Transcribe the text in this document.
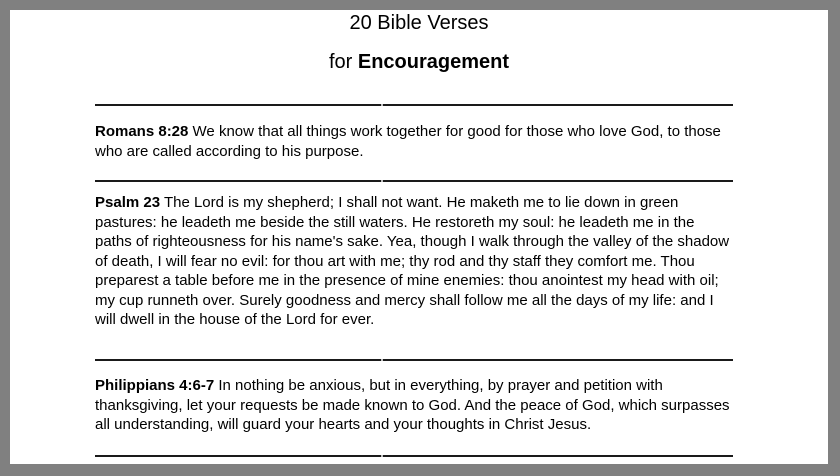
20 Bible Verses
for Encouragement
Romans 8:28 We know that all things work together for good for those who love God, to those
who are called according to his purpose.
Psalm 23 The Lord is my shepherd; I shall not want. He maketh me to lie down in green
pastures: he leadeth me beside the still waters. He restoreth my soul: he leadeth me in the
paths of righteousness for his name's sake. Yea, though I walk through the valley of the shadow
of death, I will fear no evil: for thou art with me; thy rod and thy staff they comfort me. Thou
preparest a table before me in the presence of mine enemies: thou anointest my head with oil;
my cup runneth over. Surely goodness and mercy shall follow me all the days of my life: and I
will dwell in the house of the Lord for ever.
Philippians 4:6-7 In nothing be anxious, but in everything, by prayer and petition with
thanksgiving, let your requests be made known to God. And the peace of God, which surpasses
all understanding, will guard your hearts and your thoughts in Christ Jesus.
